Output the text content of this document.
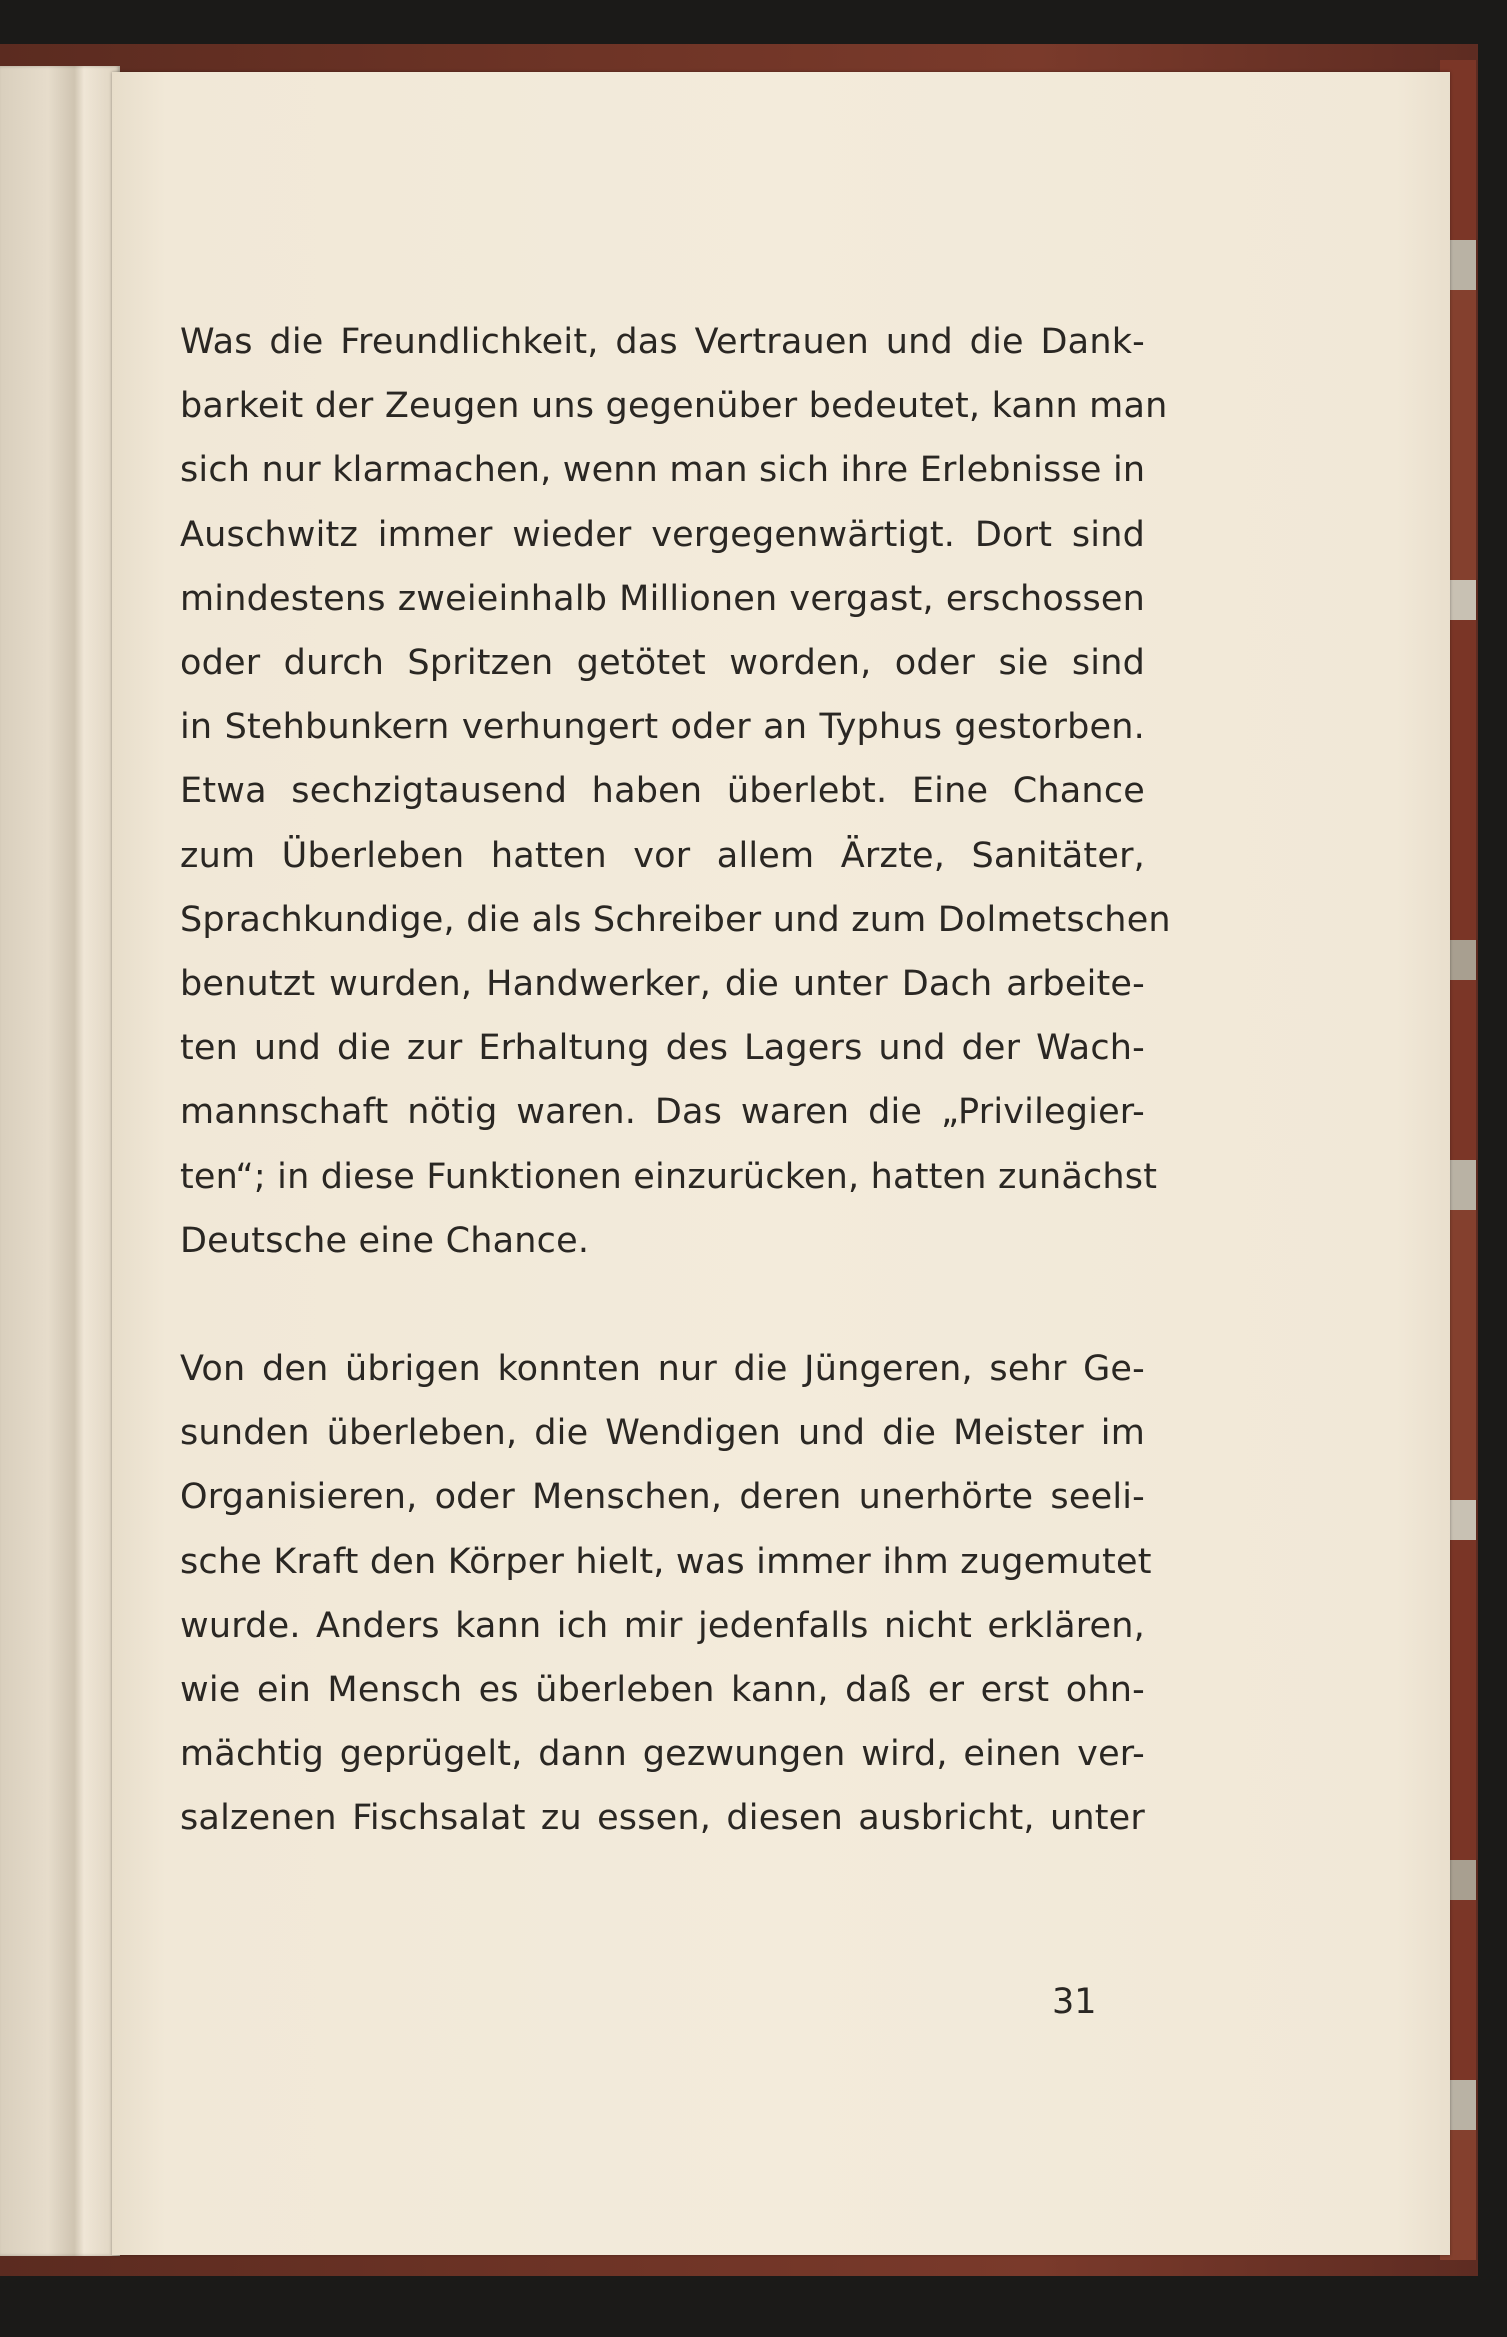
Was die Freundlichkeit, das Vertrauen und die Dank-
barkeit der Zeugen uns gegenüber bedeutet, kann man
sich nur klarmachen, wenn man sich ihre Erlebnisse in
Auschwitz immer wieder vergegenwärtigt. Dort sind
mindestens zweieinhalb Millionen vergast, erschossen
oder durch Spritzen getötet worden, oder sie sind
in Stehbunkern verhungert oder an Typhus gestorben.
Etwa sechzigtausend haben überlebt. Eine Chance
zum Überleben hatten vor allem Ärzte, Sanitäter,
Sprachkundige, die als Schreiber und zum Dolmetschen
benutzt wurden, Handwerker, die unter Dach arbeite-
ten und die zur Erhaltung des Lagers und der Wach-
mannschaft nötig waren. Das waren die „Privilegier-
ten“; in diese Funktionen einzurücken, hatten zunächst
Deutsche eine Chance.

Von den übrigen konnten nur die Jüngeren, sehr Ge-
sunden überleben, die Wendigen und die Meister im
Organisieren, oder Menschen, deren unerhörte seeli-
sche Kraft den Körper hielt, was immer ihm zugemutet
wurde. Anders kann ich mir jedenfalls nicht erklären,
wie ein Mensch es überleben kann, daß er erst ohn-
mächtig geprügelt, dann gezwungen wird, einen ver-
salzenen Fischsalat zu essen, diesen ausbricht, unter

31
